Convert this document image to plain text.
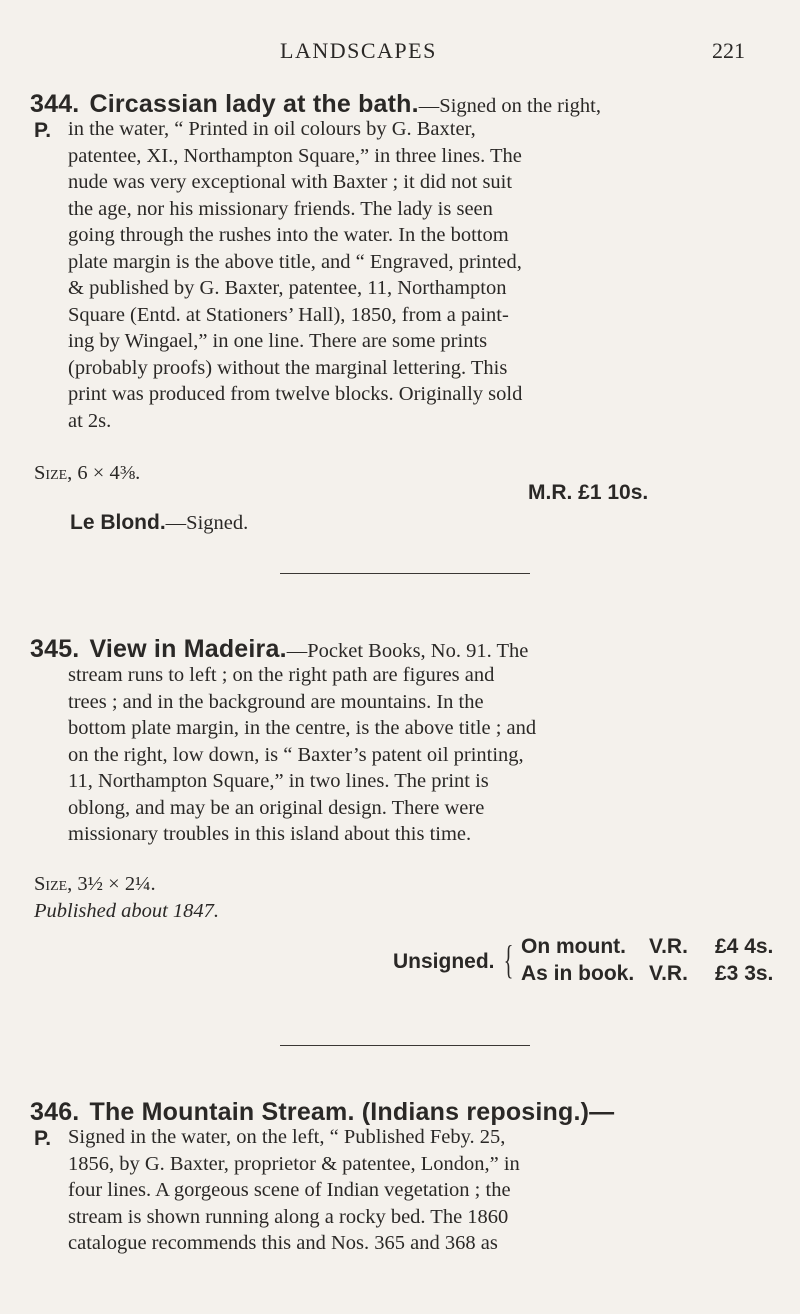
LANDSCAPES	221
344. Circassian lady at the bath.—Signed on the right,
P. in the water, “ Printed in oil colours by G. Baxter,
patentee, XI., Northampton Square,” in three lines. The
nude was very exceptional with Baxter ; it did not suit
the age, nor his missionary friends. The lady is seen
going through the rushes into the water. In the bottom
plate margin is the above title, and “ Engraved, printed,
& published by G. Baxter, patentee, 11, Northampton
Square (Entd. at Stationers’ Hall), 1850, from a paint-
ing by Wingael,” in one line. There are some prints
(probably proofs) without the marginal lettering. This
print was produced from twelve blocks. Originally sold
at 2s.
Size, 6 × 4⅜.
M.R. £1 10s.
Le Blond.—Signed.
345. View in Madeira.—Pocket Books, No. 91. The
stream runs to left ; on the right path are figures and
trees ; and in the background are mountains. In the
bottom plate margin, in the centre, is the above title ; and
on the right, low down, is “ Baxter’s patent oil printing,
11, Northampton Square,” in two lines. The print is
oblong, and may be an original design. There were
missionary troubles in this island about this time.
Size, 3½ × 2¼.
Published about 1847.
Unsigned. { On mount. V.R. £4 4s.
As in book. V.R. £3 3s.
346. The Mountain Stream. (Indians reposing.)—
P. Signed in the water, on the left, “ Published Feby. 25,
1856, by G. Baxter, proprietor & patentee, London,” in
four lines. A gorgeous scene of Indian vegetation ; the
stream is shown running along a rocky bed. The 1860
catalogue recommends this and Nos. 365 and 368 as
